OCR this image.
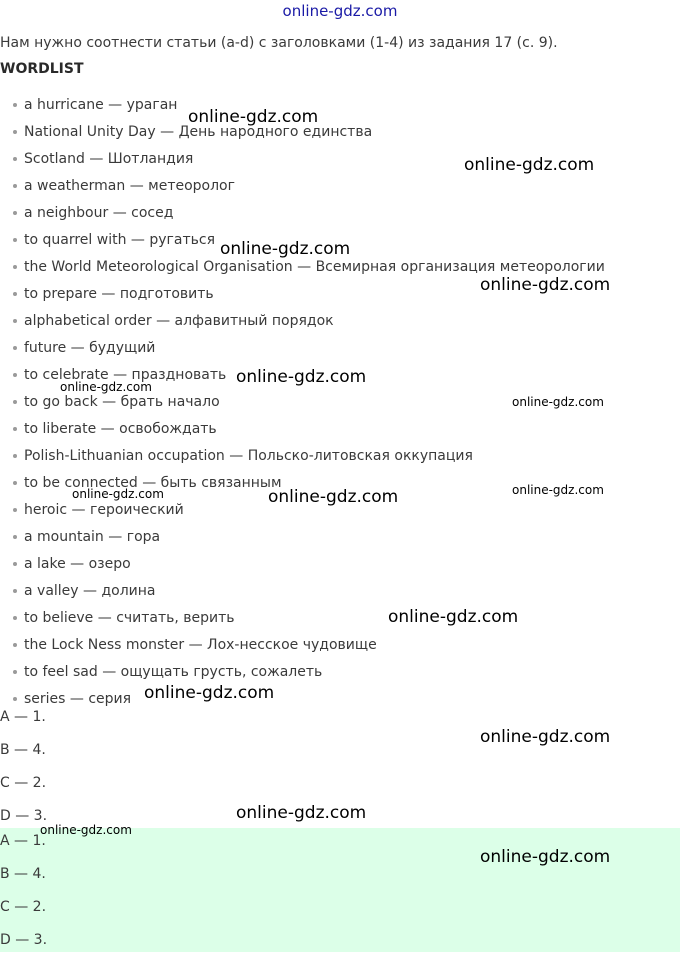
online-gdz.com
Нам нужно соотнести статьи (a-d) с заголовками (1-4) из задания 17 (с. 9).
WORDLIST
a hurricane — ураган
National Unity Day — День народного единства
Scotland — Шотландия
a weatherman — метеоролог
a neighbour — сосед
to quarrel with — ругаться
the World Meteorological Organisation — Всемирная организация метеорологии
to prepare — подготовить
alphabetical order — алфавитный порядок
future — будущий
to celebrate — праздновать
to go back — брать начало
to liberate — освобождать
Polish-Lithuanian occupation — Польско-литовская оккупация
to be connected — быть связанным
heroic — героический
a mountain — гора
a lake — озеро
a valley — долина
to believe — считать, верить
the Lock Ness monster — Лох-несское чудовище
to feel sad — ощущать грусть, сожалеть
series — серия
A — 1.
B — 4.
C — 2.
D — 3.
A — 1.
B — 4.
C — 2.
D — 3.
online-gdz.com
online-gdz.com
online-gdz.com
online-gdz.com
online-gdz.com
online-gdz.com
online-gdz.com
online-gdz.com	online-gdz.com
online-gdz.com
online-gdz.com
online-gdz.com
online-gdz.com
online-gdz.com
online-gdz.com
online-gdz.com
